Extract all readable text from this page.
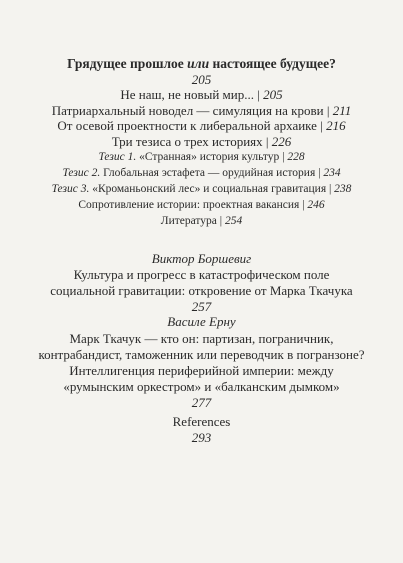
Грядущее прошлое или настоящее будущее?
205
Не наш, не новый мир... | 205
Патриархальный новодел — симуляция на крови | 211
От осевой проектности к либеральной архаике | 216
Три тезиса о трех историях | 226
Тезис 1. «Странная» история культур | 228
Тезис 2. Глобальная эстафета — орудийная история | 234
Тезис 3. «Кроманьонский лес» и социальная гравитация | 238
Сопротивление истории: проектная вакансия | 246
Литература | 254
Виктор Боршевиг
Культура и прогресс в катастрофическом поле
социальной гравитации: откровение от Марка Ткачука
257
Василе Ерну
Марк Ткачук — кто он: партизан, пограничник,
контрабандист, таможенник или переводчик в погранзоне?
Интеллигенция периферийной империи: между
«румынским оркестром» и «балканским дымком»
277
References
293
